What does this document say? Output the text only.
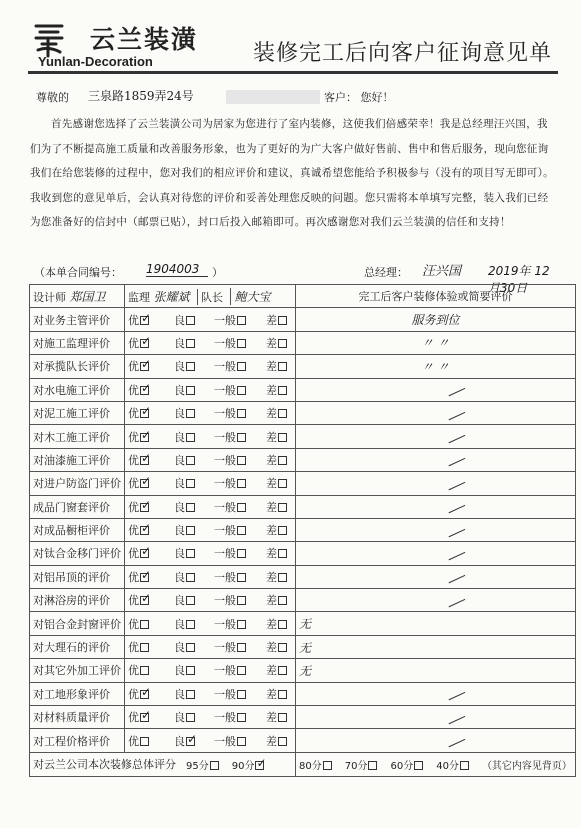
云兰装潢
Yunlan-Decoration	装修完工后向客户征询意见单
尊敬的 三泉路1859弄24号	客户： 您好！

首先感谢您选择了云兰装潢公司为居家为您进行了室内装修，这使我们倍感荣幸！我是总经理汪兴国，我们为了不断提高施工质量和改善服务形象，也为了更好的为广大客户做好售前、售中和售后服务，现向您征询我们在给您装修的过程中，您对我们的相应评价和建议，真诚希望您能给予积极参与（没有的项目写无即可）。我收到您的意见单后，会认真对待您的评价和妥善处理您反映的问题。您只需将本单填写完整，装入我们已经为您准备好的信封中（邮票已贴），封口后投入邮箱即可。再次感谢您对我们云兰装潢的信任和支持！

（本单合同编号： 1904003	）	总经理： 汪兴国 2019年 12月30日
设计师 郑国卫	监理 张耀斌 队长 鲍大宝	完工后客户装修体验或简要评价
对业务主管评价	优 ✓ 良 一般 差	服务到位
对施工监理评价	优 ✓ 良 一般 差	〃 〃
对承揽队长评价	优 ✓ 良 一般 差	〃 〃
对水电施工评价	优 ✓ 良 一般 差

对泥工施工评价	优 ✓ 良 一般 差

对木工施工评价	优 ✓ 良 一般 差

对油漆施工评价	优 ✓ 良 一般 差

对进户防盗门评价	优 ✓ 良 一般 差

成品门窗套评价	优 ✓ 良 一般 差

对成品橱柜评价	优 ✓ 良 一般 差

对钛合金移门评价	优 ✓ 良 一般 差

对铝吊顶的评价	优 ✓ 良 一般 差

对淋浴房的评价	优 ✓ 良 一般 差

对铝合金封窗评价	优 良 一般 差	无
对大理石的评价	优 良 一般 差	无
对其它外加工评价	优 良 一般 差	无
对工地形象评价	优 ✓ 良 一般 差

对材料质量评价	优 ✓ 良 一般 差

对工程价格评价	优 良 ✓ 一般 差

对云兰公司本次装修总体评分 95分 90分✓		80分 70分 60分 40分 （其它内容见背页）
